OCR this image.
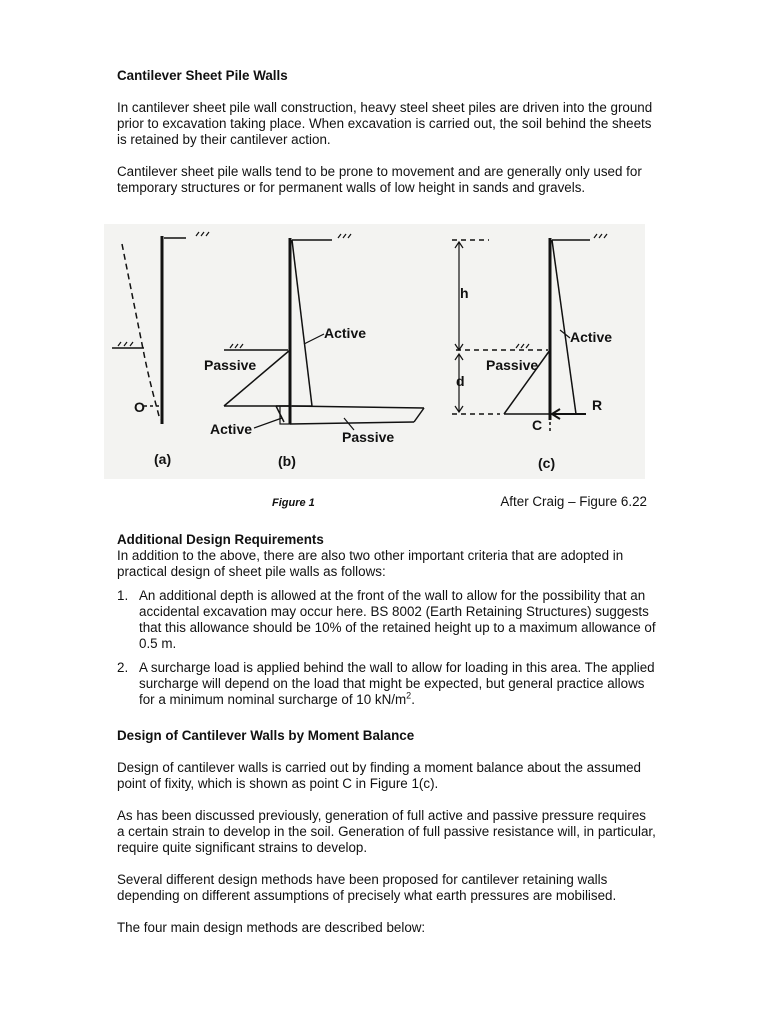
Cantilever Sheet Pile Walls

In cantilever sheet pile wall construction, heavy steel sheet piles are driven into the ground prior to excavation taking place. When excavation is carried out, the soil behind the sheets is retained by their cantilever action.

Cantilever sheet pile walls tend to be prone to movement and are generally only used for temporary structures or for permanent walls of low height in sands and gravels.

O
(a)
Active
Passive
Active	Passive
(b)
h
d
Active
Passive
R
C
(c)
Figure 1	After Craig – Figure 6.22
Additional Design Requirements

In addition to the above, there are also two other important criteria that are adopted in practical design of sheet pile walls as follows:

1. An additional depth is allowed at the front of the wall to allow for the possibility that an accidental excavation may occur here. BS 8002 (Earth Retaining Structures) suggests that this allowance should be 10% of the retained height up to a maximum allowance of 0.5 m.
2. A surcharge load is applied behind the wall to allow for loading in this area. The applied surcharge will depend on the load that might be expected, but general practice allows for a minimum nominal surcharge of 10 $kN/m^2$.
Design of Cantilever Walls by Moment Balance

Design of cantilever walls is carried out by finding a moment balance about the assumed point of fixity, which is shown as point C in Figure 1(c).

As has been discussed previously, generation of full active and passive pressure requires a certain strain to develop in the soil. Generation of full passive resistance will, in particular, require quite significant strains to develop.

Several different design methods have been proposed for cantilever retaining walls depending on different assumptions of precisely what earth pressures are mobilised.

The four main design methods are described below:
